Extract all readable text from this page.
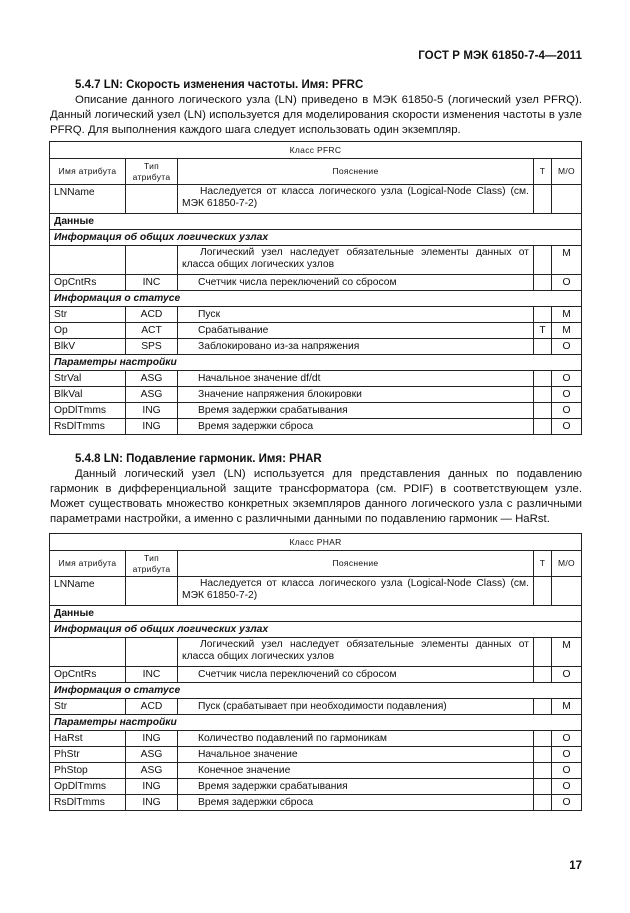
ГОСТ Р МЭК 61850-7-4—2011
5.4.7 LN: Скорость изменения частоты. Имя: PFRC

Описание данного логического узла (LN) приведено в МЭК 61850-5 (логический узел PFRQ). Данный логический узел (LN) используется для моделирования скорости изменения частоты в узле PFRQ. Для выполнения каждого шага следует использовать один экземпляр.

Класс PFRC				
Имя атрибута	Тип атрибута	Пояснение	T	М/О
LNName		Наследуется от класса логического узла (Logical-Node Class) (см. МЭК 61850-7-2)		

Данные				
Информация об общих логических узлах				

		Логический узел наследует обязательные элементы данных от класса общих логических узлов		M
OpCntRs	INC	Счетчик числа переключений со сбросом		O
Информация о статусе				
Str	ACD	Пуск		M
Op	ACT	Срабатывание	T	M
BlkV	SPS	Заблокировано из-за напряжения		O
Параметры настройки				
StrVal	ASG	Начальное значение df/dt		O
BlkVal	ASG	Значение напряжения блокировки		O
OpDlTmms	ING	Время задержки срабатывания		O
RsDlTmms	ING	Время задержки сброса		O
5.4.8 LN: Подавление гармоник. Имя: PHAR

Данный логический узел (LN) используется для представления данных по подавлению гармоник в дифференциальной защите трансформатора (см. PDIF) в соответствующем узле. Может существовать множество конкретных экземпляров данного логического узла с различными параметрами настройки, а именно с различными данными по подавлению гармоник — HaRst.

Класс PHAR				
Имя атрибута	Тип атрибута	Пояснение	T	М/О
LNName		Наследуется от класса логического узла (Logical-Node Class) (см. МЭК 61850-7-2)		

Данные				
Информация об общих логических узлах				

		Логический узел наследует обязательные элементы данных от класса общих логических узлов		M
OpCntRs	INC	Счетчик числа переключений со сбросом		O
Информация о статусе				
Str	ACD	Пуск (срабатывает при необходимости подавления)		M
Параметры настройки				
HaRst	ING	Количество подавлений по гармоникам		O
PhStr	ASG	Начальное значение		O
PhStop	ASG	Конечное значение		O
OpDlTmms	ING	Время задержки срабатывания		O
RsDlTmms	ING	Время задержки сброса		O
17
